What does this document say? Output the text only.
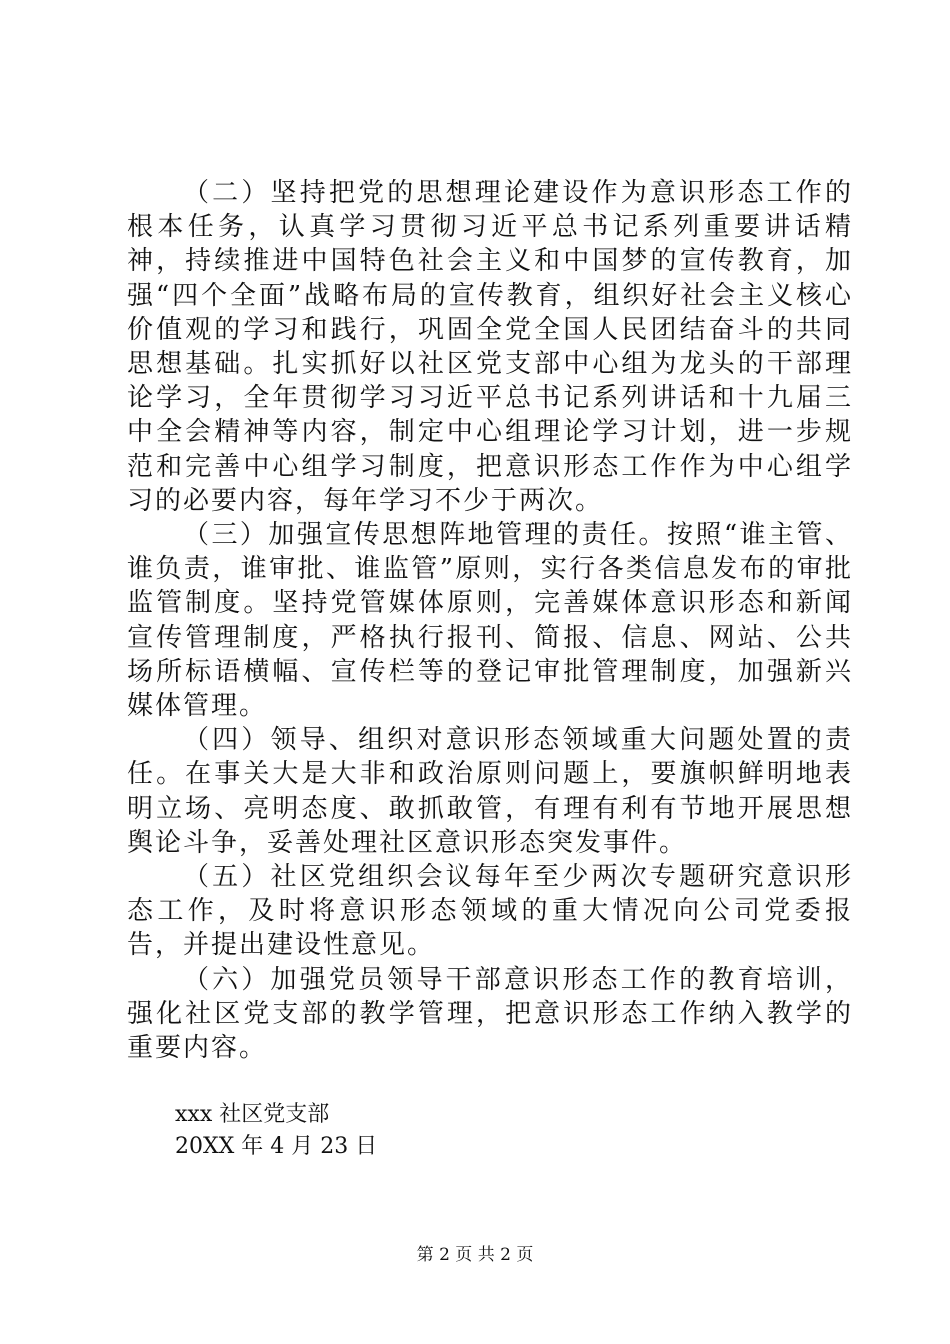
（二）坚持把党的思想理论建设作为意识形态工作的根本任务，认真学习贯彻习近平总书记系列重要讲话精神，持续推进中国特色社会主义和中国梦的宣传教育，加强“四个全面”战略布局的宣传教育，组织好社会主义核心价值观的学习和践行，巩固全党全国人民团结奋斗的共同思想基础。扎实抓好以社区党支部中心组为龙头的干部理论学习，全年贯彻学习习近平总书记系列讲话和十九届三中全会精神等内容，制定中心组理论学习计划，进一步规范和完善中心组学习制度，把意识形态工作作为中心组学习的必要内容，每年学习不少于两次。

（三）加强宣传思想阵地管理的责任。按照“谁主管、谁负责，谁审批、谁监管”原则，实行各类信息发布的审批监管制度。坚持党管媒体原则，完善媒体意识形态和新闻宣传管理制度，严格执行报刊、简报、信息、网站、公共场所标语横幅、宣传栏等的登记审批管理制度，加强新兴媒体管理。

（四）领导、组织对意识形态领域重大问题处置的责任。在事关大是大非和政治原则问题上，要旗帜鲜明地表明立场、亮明态度、敢抓敢管，有理有利有节地开展思想舆论斗争，妥善处理社区意识形态突发事件。

（五）社区党组织会议每年至少两次专题研究意识形态工作，及时将意识形态领域的重大情况向公司党委报告，并提出建设性意见。

（六）加强党员领导干部意识形态工作的教育培训，强化社区党支部的教学管理，把意识形态工作纳入教学的重要内容。

xxx 社区党支部
20XX 年 4 月 23 日
第 2 页 共 2 页
